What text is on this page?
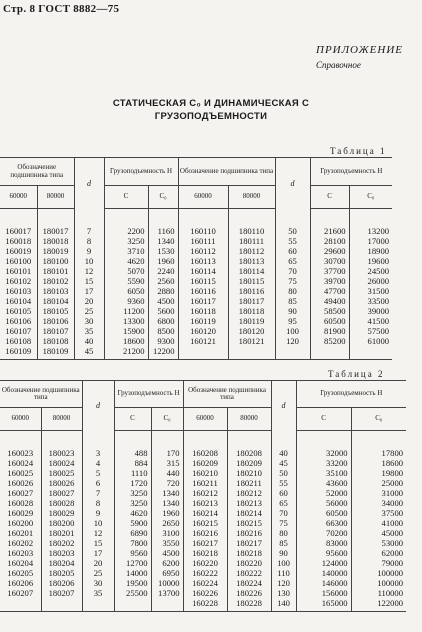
Стр. 8 ГОСТ 8882—75
ПРИЛОЖЕНИЕ
Справочное
СТАТИЧЕСКАЯ C₀ И ДИНАМИЧЕСКАЯ С
ГРУЗОПОДЪЕМНОСТИ
Таблица 1
Обозначение подшипника типа		d	Грузоподъемность Н		Обозначение подшипника типа		d	Грузоподъемность Н	
60000	80000		С	C₀	60000	80000		С	C₀

160017	180017	7	2200	1160	160110	180110	50	21600	13200
160018	180018	8	3250	1340	160111	180111	55	28100	17000
160019	180019	9	3710	1530	160112	180112	60	29600	18900
160100	180100	10	4620	1960	160113	180113	65	30700	19600
160101	180101	12	5070	2240	160114	180114	70	37700	24500
160102	180102	15	5590	2560	160115	180115	75	39700	26000
160103	180103	17	6050	2880	160116	180116	80	47700	31500
160104	180104	20	9360	4500	160117	180117	85	49400	33500
160105	180105	25	11200	5600	160118	180118	90	58500	39000
160106	180106	30	13300	6800	160119	180119	95	60500	41500
160107	180107	35	15900	8500	160120	180120	100	81900	57500
160108	180108	40	18600	9300	160121	180121	120	85200	61000
160109	180109	45	21200	12200					

Таблица 2
Обозначение подшипника типа		d	Грузоподъемность Н		Обозначение подшипника типа		d	Грузоподъемность Н	
60000	80000		С	C₀	60000	80000		С	C₀

160023	180023	3	488	170	160208	180208	40	32000	17800
160024	180024	4	884	315	160209	180209	45	33200	18600
160025	180025	5	1110	440	160210	180210	50	35100	19800
160026	180026	6	1720	720	160211	180211	55	43600	25000
160027	180027	7	3250	1340	160212	180212	60	52000	31000
160028	180028	8	3250	1340	160213	180213	65	56000	34000
160029	180029	9	4620	1960	160214	180214	70	60500	37500
160200	180200	10	5900	2650	160215	180215	75	66300	41000
160201	180201	12	6890	3100	160216	180216	80	70200	45000
160202	180202	15	7800	3550	160217	180217	85	83000	53000
160203	180203	17	9560	4500	160218	180218	90	95600	62000
160204	180204	20	12700	6200	160220	180220	100	124000	79000
160205	180205	25	14000	6950	160222	180222	110	140000	100000
160206	180206	30	19500	10000	160224	180224	120	146000	100000
160207	180207	35	25500	13700	160226	180226	130	156000	110000
					160228	180228	140	165000	122000
